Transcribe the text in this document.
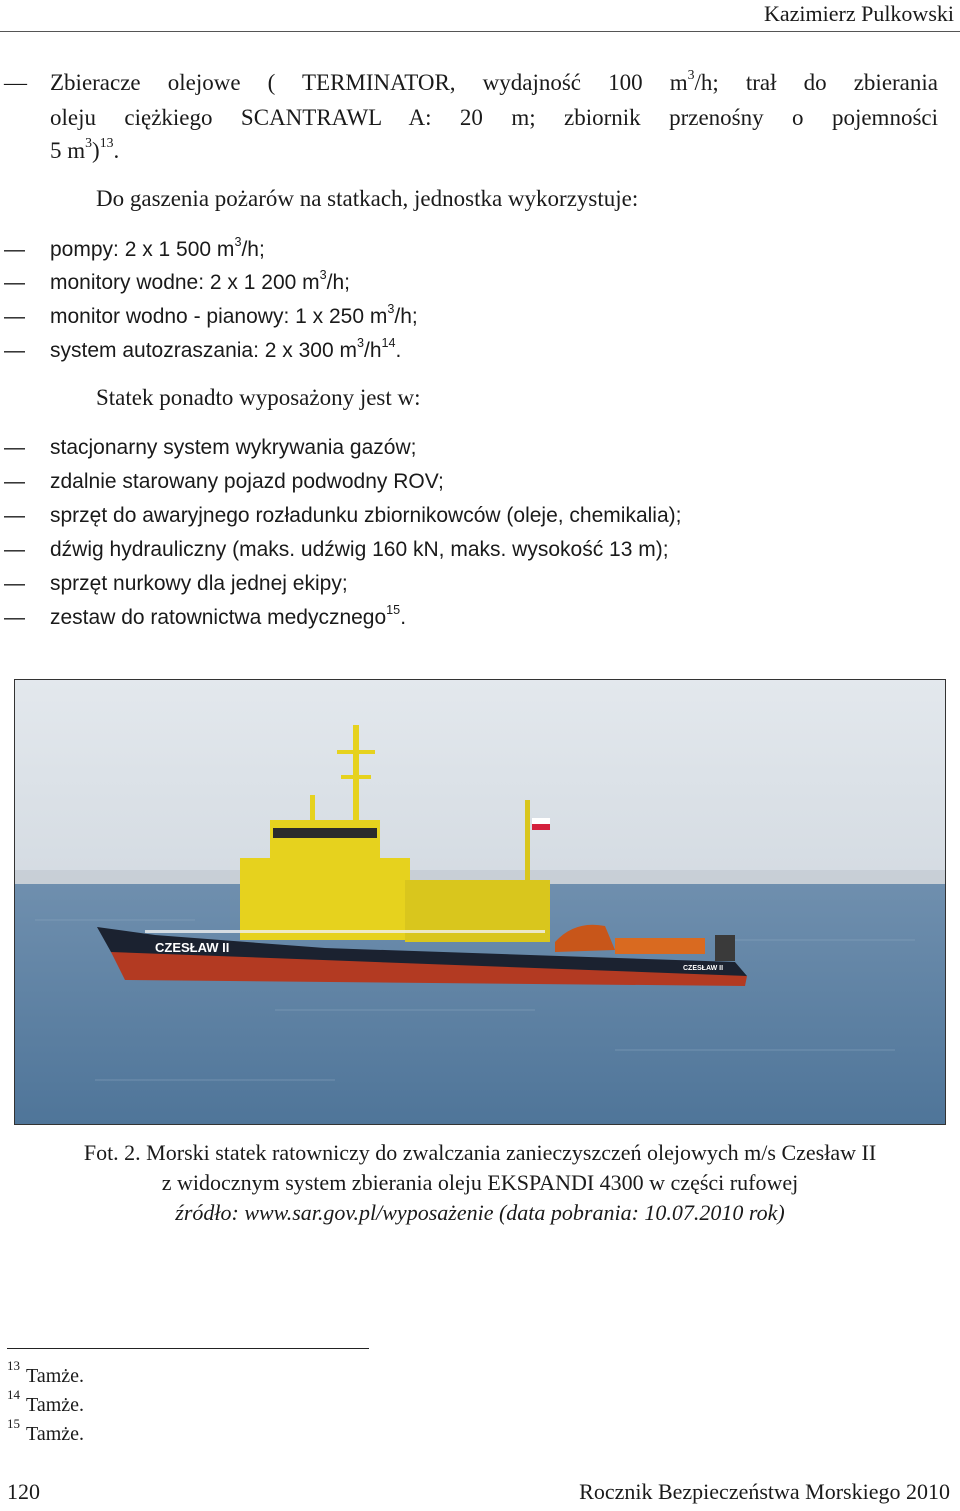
Kazimierz Pulkowski
— Zbieracze olejowe ( TERMINATOR, wydajność 100 $m^3/h$; trał do zbierania
oleju ciężkiego SCANTRAWL A: 20 m; zbiornik przenośny o pojemności
5 $m^3)^{13}$.
Do gaszenia pożarów na statkach, jednostka wykorzystuje:
— pompy: 2 x 1 500 $m^3/h$;
— monitory wodne: 2 x 1 200 $m^3/h$;
— monitor wodno - pianowy: 1 x 250 $m^3/h$;
— system autozraszania: 2 x 300 $m^3/h^{14}$.
Statek ponadto wyposażony jest w:
— stacjonarny system wykrywania gazów;
— zdalnie starowany pojazd podwodny ROV;
— sprzęt do awaryjnego rozładunku zbiornikowców (oleje, chemikalia);
— dźwig hydrauliczny (maks. udźwig 160 kN, maks. wysokość 13 m);
— sprzęt nurkowy dla jednej ekipy;
— zestaw do ratownictwa medycznego$^{15}$.
CZESŁAW II
CZESŁAW II
Fot. 2. Morski statek ratowniczy do zwalczania zanieczyszczeń olejowych m/s Czesław II
z widocznym system zbierania oleju EKSPANDI 4300 w części rufowej
źródło: www.sar.gov.pl/wyposażenie (data pobrania: 10.07.2010 rok)
$^{13}$ Tamże.
$^{14}$ Tamże.
$^{15}$ Tamże.
120	Rocznik Bezpieczeństwa Morskiego 2010
